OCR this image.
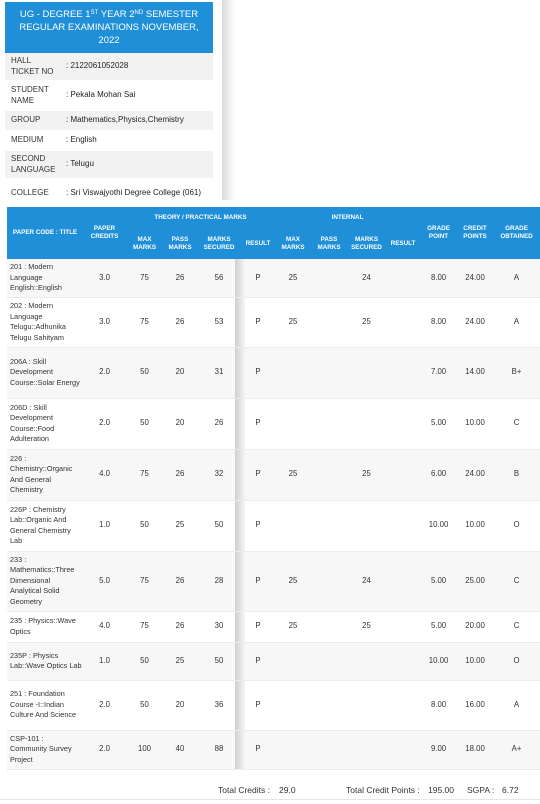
UG - DEGREE 1ST YEAR 2ND SEMESTER
REGULAR EXAMINATIONS NOVEMBER, 2022
HALL TICKET NO
: 2122061052028
STUDENT NAME
: Pekala Mohan Sai
GROUP	: Mathematics,Physics,Chemistry
MEDIUM	: English
SECOND LANGUAGE
: Telugu
COLLEGE	: Sri Viswajyothi Degree College (061)
PAPER CODE : TITLE	PAPER CREDITS	THEORY / PRACTICAL MARKS				INTERNAL				GRADE POINT	CREDIT POINTS	GRADE OBTAINED
		MAX MARKS	PASS MARKS	MARKS SECURED	RESULT	MAX MARKS	PASS MARKS	MARKS SECURED	RESULT			
201 : Modern Language English::English	3.0	75	26	56	P	25		24		8.00	24.00	A
202 : Modern Language Telugu::Adhunika Telugu Sahityam	3.0	75	26	53	P	25		25		8.00	24.00	A
206A : Skill Development Course::Solar Energy	2.0	50	20	31	P					7.00	14.00	B+
206D : Skill Development Course::Food Adulteration	2.0	50	20	26	P					5.00	10.00	C
226 : Chemistry::Organic And General Chemistry	4.0	75	26	32	P	25		25		6.00	24.00	B
226P : Chemistry Lab::Organic And General Chemistry Lab	1.0	50	25	50	P					10.00	10.00	O
233 : Mathematics::Three Dimensional Analytical Solid Geometry	5.0	75	26	28	P	25		24		5.00	25.00	C
235 : Physics::Wave Optics	4.0	75	26	30	P	25		25		5.00	20.00	C
235P : Physics Lab::Wave Optics Lab	1.0	50	25	50	P					10.00	10.00	O
251 : Foundation Course -I::Indian Culture And Science	2.0	50	20	36	P					8.00	16.00	A
CSP-101 : Community Survey Project	2.0	100	40	88	P					9.00	18.00	A+
Total Credits : 29.0	Total Credit Points : 195.00 SGPA : 6.72
